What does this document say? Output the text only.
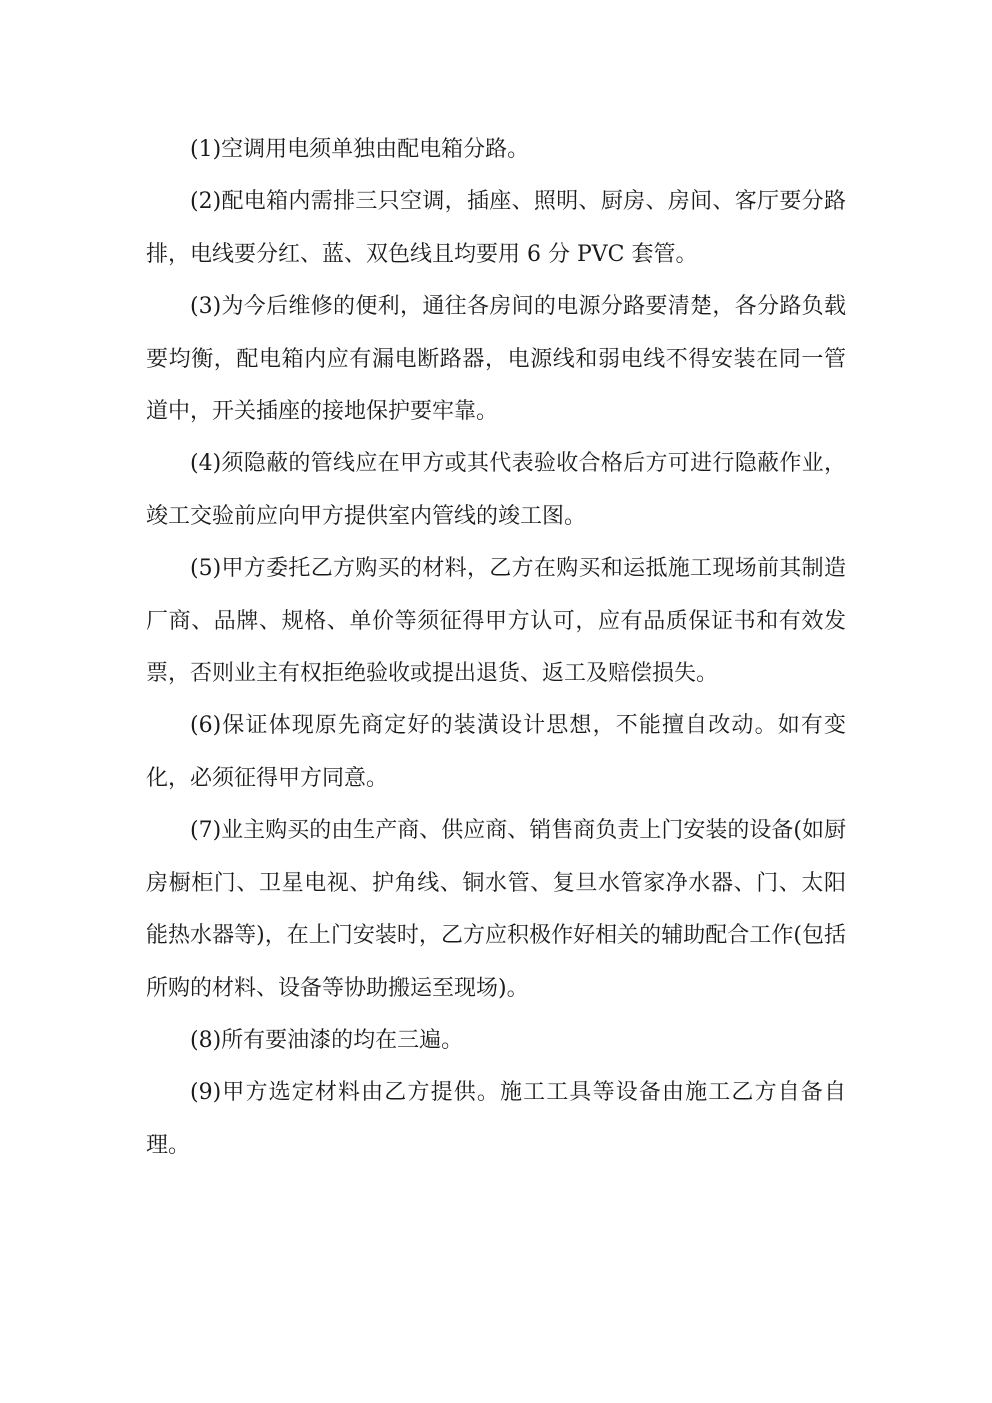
(1)空调用电须单独由配电箱分路。

(2)配电箱内需排三只空调，插座、照明、厨房、房间、客厅要分路排，电线要分红、蓝、双色线且均要用 6 分 PVC 套管。

(3)为今后维修的便利，通往各房间的电源分路要清楚，各分路负载要均衡，配电箱内应有漏电断路器，电源线和弱电线不得安装在同一管道中，开关插座的接地保护要牢靠。

(4)须隐蔽的管线应在甲方或其代表验收合格后方可进行隐蔽作业，竣工交验前应向甲方提供室内管线的竣工图。

(5)甲方委托乙方购买的材料，乙方在购买和运抵施工现场前其制造厂商、品牌、规格、单价等须征得甲方认可，应有品质保证书和有效发票，否则业主有权拒绝验收或提出退货、返工及赔偿损失。

(6)保证体现原先商定好的装潢设计思想，不能擅自改动。如有变化，必须征得甲方同意。

(7)业主购买的由生产商、供应商、销售商负责上门安装的设备(如厨房橱柜门、卫星电视、护角线、铜水管、复旦水管家净水器、门、太阳能热水器等)，在上门安装时，乙方应积极作好相关的辅助配合工作(包括所购的材料、设备等协助搬运至现场)。

(8)所有要油漆的均在三遍。

(9)甲方选定材料由乙方提供。施工工具等设备由施工乙方自备自理。
